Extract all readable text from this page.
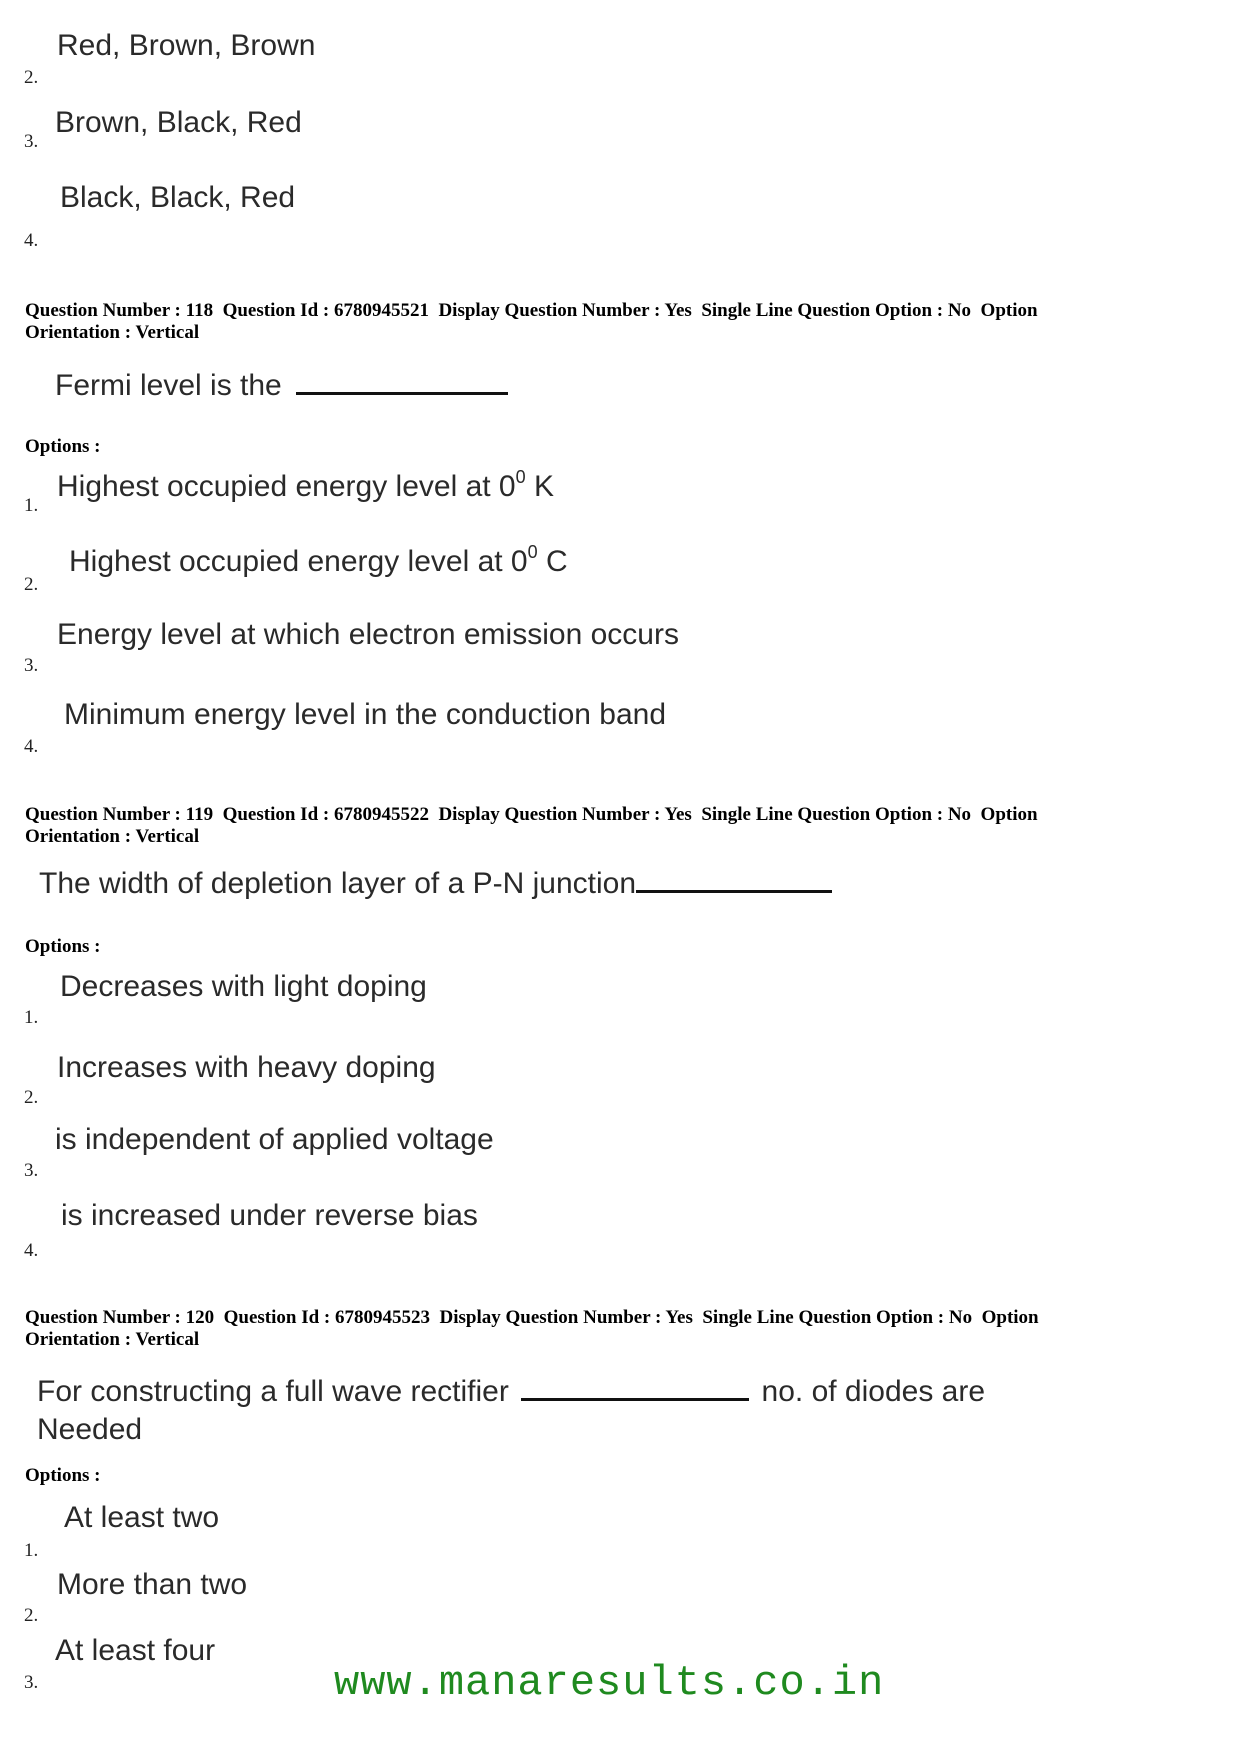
Red, Brown, Brown
2.
Brown, Black, Red
3.
Black, Black, Red
4.
Question Number : 118  Question Id : 6780945521  Display Question Number : Yes  Single Line Question Option : No  Option
Orientation : Vertical
Fermi level is the
Options :
Highest occupied energy level at $0^0$ K
1.
Highest occupied energy level at $0^0$ C
2.
Energy level at which electron emission occurs
3.
Minimum energy level in the conduction band
4.
Question Number : 119  Question Id : 6780945522  Display Question Number : Yes  Single Line Question Option : No  Option
Orientation : Vertical
The width of depletion layer of a P-N junction
Options :
Decreases with light doping
1.
Increases with heavy doping
2.
is independent of applied voltage
3.
is increased under reverse bias
4.
Question Number : 120  Question Id : 6780945523  Display Question Number : Yes  Single Line Question Option : No  Option
Orientation : Vertical
For constructing a full wave rectifier	no. of diodes are
Needed
Options :
At least two
1.
More than two
2.
At least four
3.	www.manaresults.co.in
